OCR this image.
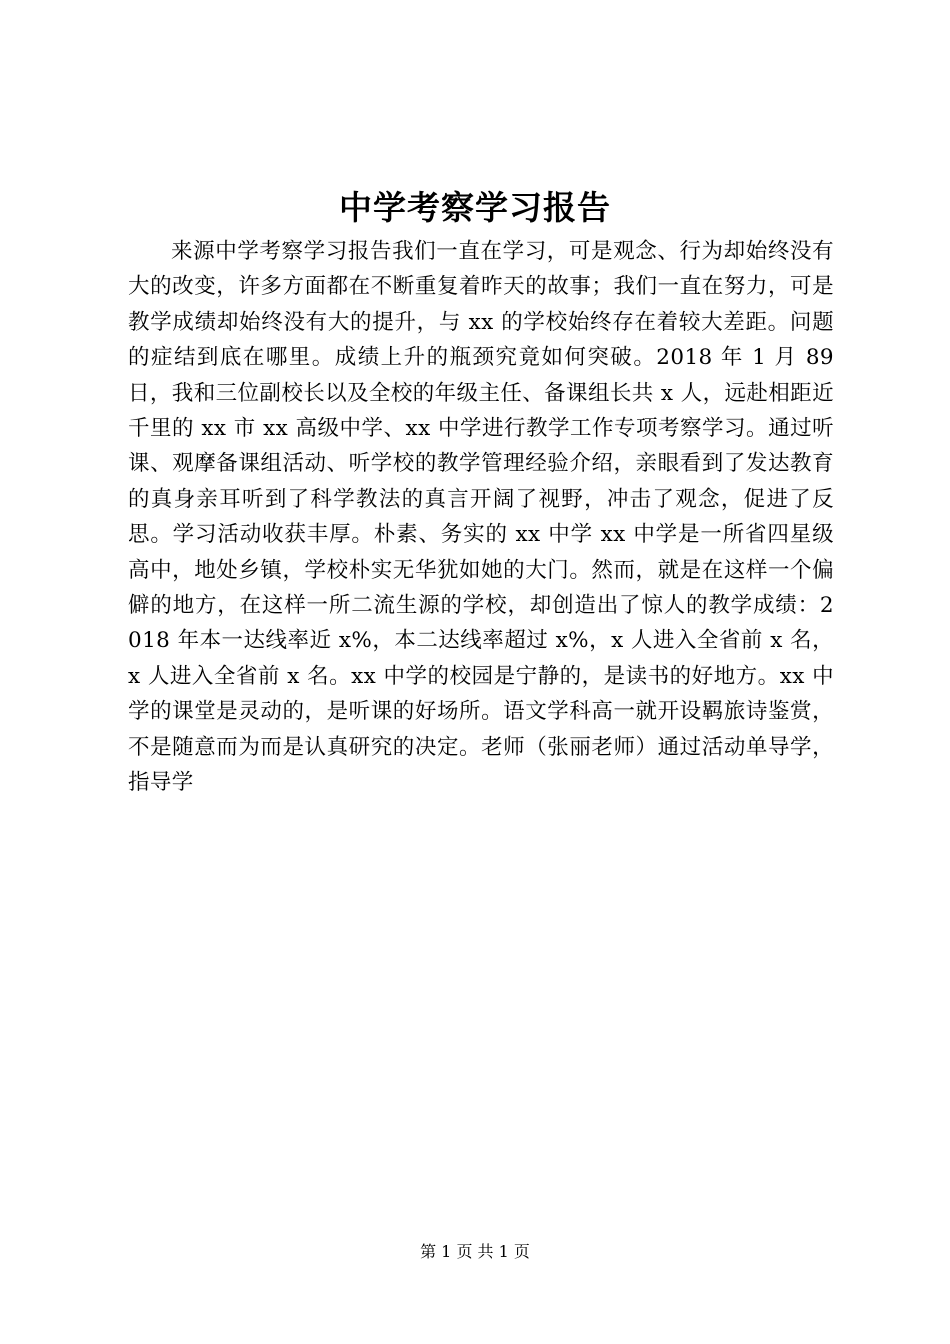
中学考察学习报告
来源中学考察学习报告我们一直在学习，可是观念、行为却始终没有大的改变，许多方面都在不断重复着昨天的故事；我们一直在努力，可是教学成绩却始终没有大的提升，与 xx 的学校始终存在着较大差距。问题的症结到底在哪里。成绩上升的瓶颈究竟如何突破。2018 年 1 月 89 日，我和三位副校长以及全校的年级主任、备课组长共 x 人，远赴相距近千里的 xx 市 xx 高级中学、xx 中学进行教学工作专项考察学习。通过听课、观摩备课组活动、听学校的教学管理经验介绍，亲眼看到了发达教育的真身亲耳听到了科学教法的真言开阔了视野，冲击了观念，促进了反思。学习活动收获丰厚。朴素、务实的 xx 中学 xx 中学是一所省四星级高中，地处乡镇，学校朴实无华犹如她的大门。然而，就是在这样一个偏僻的地方，在这样一所二流生源的学校，却创造出了惊人的教学成绩：2018 年本一达线率近 x%，本二达线率超过 x%，x 人进入全省前 x 名，x 人进入全省前 x 名。xx 中学的校园是宁静的，是读书的好地方。xx 中学的课堂是灵动的，是听课的好场所。语文学科高一就开设羁旅诗鉴赏，不是随意而为而是认真研究的决定。老师（张丽老师）通过活动单导学，指导学
第 1 页 共 1 页
